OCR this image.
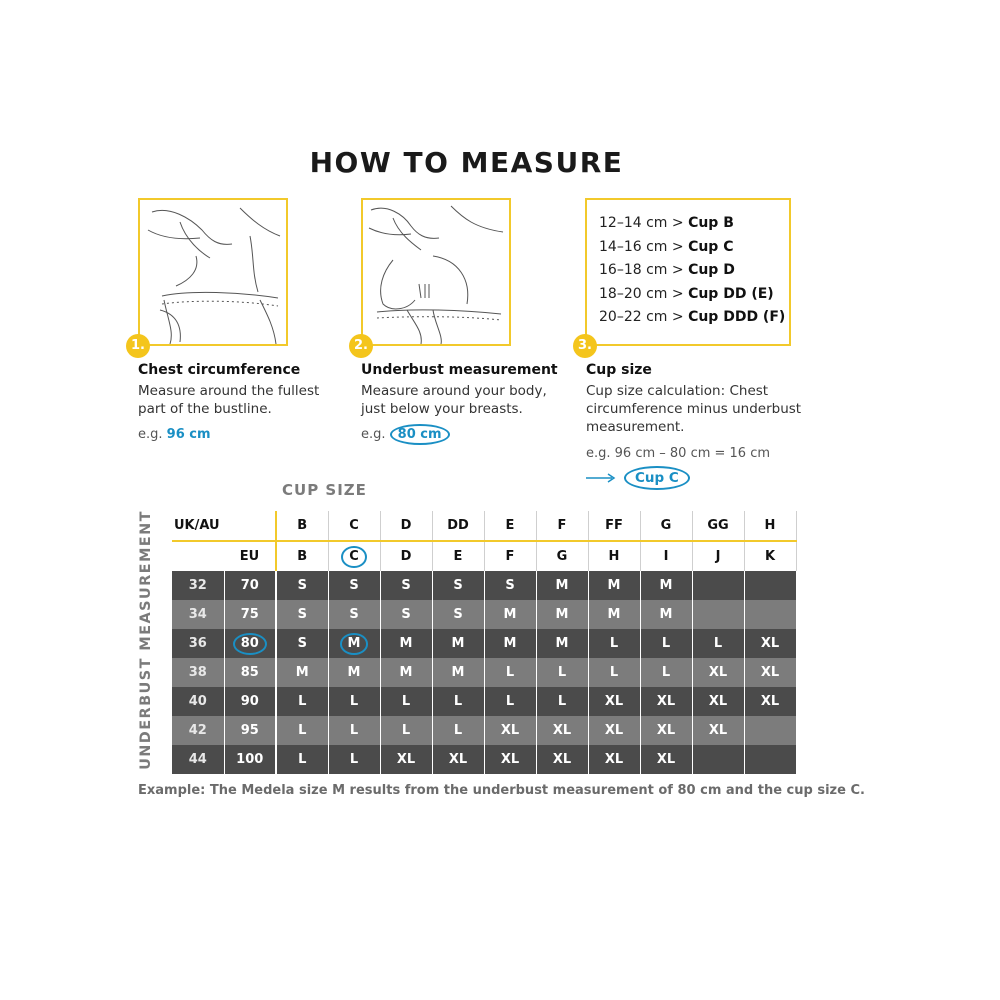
HOW TO MEASURE
1.
Chest circumference
Measure around the fullest
part of the bustline.
e.g. 96 cm
2.
Underbust measurement
Measure around your body,
just below your breasts.
e.g. 80 cm
12–14 cm > Cup B
14–16 cm > Cup C
16–18 cm > Cup D
18–20 cm > Cup DD (E)
20–22 cm > Cup DDD (F)
3.
Cup size
Cup size calculation: Chest
circumference minus underbust
measurement.
e.g. 96 cm – 80 cm = 16 cm
Cup C
CUP SIZE
UNDERBUST MEASUREMENT UK/AU		B	C	D	DD	E	F	FF	G	GG	H
	EU	B	C	D	E	F	G	H	I	J	K
32	70	S	S	S	S	S	M	M	M		
34	75	S	S	S	S	M	M	M	M		
36	80	S	M	M	M	M	M	L	L	L	XL
38	85	M	M	M	M	L	L	L	L	XL	XL
40	90	L	L	L	L	L	L	XL	XL	XL	XL
42	95	L	L	L	L	XL	XL	XL	XL	XL	
44	100	L	L	XL	XL	XL	XL	XL	XL		
Example: The Medela size M results from the underbust measurement of 80 cm and the cup size C.
